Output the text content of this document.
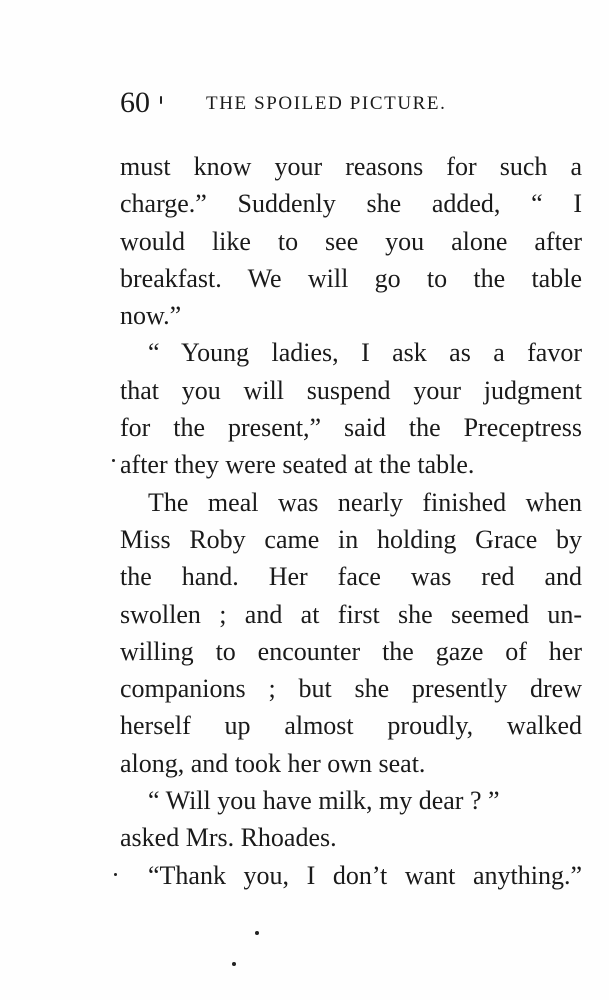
60	THE SPOILED PICTURE.
must know your reasons for such a
charge.” Suddenly she added, “ I
would like to see you alone after
breakfast. We will go to the table
now.”
“ Young ladies, I ask as a favor
that you will suspend your judgment
for the present,” said the Preceptress
after they were seated at the table.
The meal was nearly finished when
Miss Roby came in holding Grace by
the hand. Her face was red and
swollen ; and at first she seemed un-
willing to encounter the gaze of her
companions ; but she presently drew
herself up almost proudly, walked
along, and took her own seat.
“ Will you have milk, my dear ? ”
asked Mrs. Rhoades.
“Thank you, I don’t want anything.”
